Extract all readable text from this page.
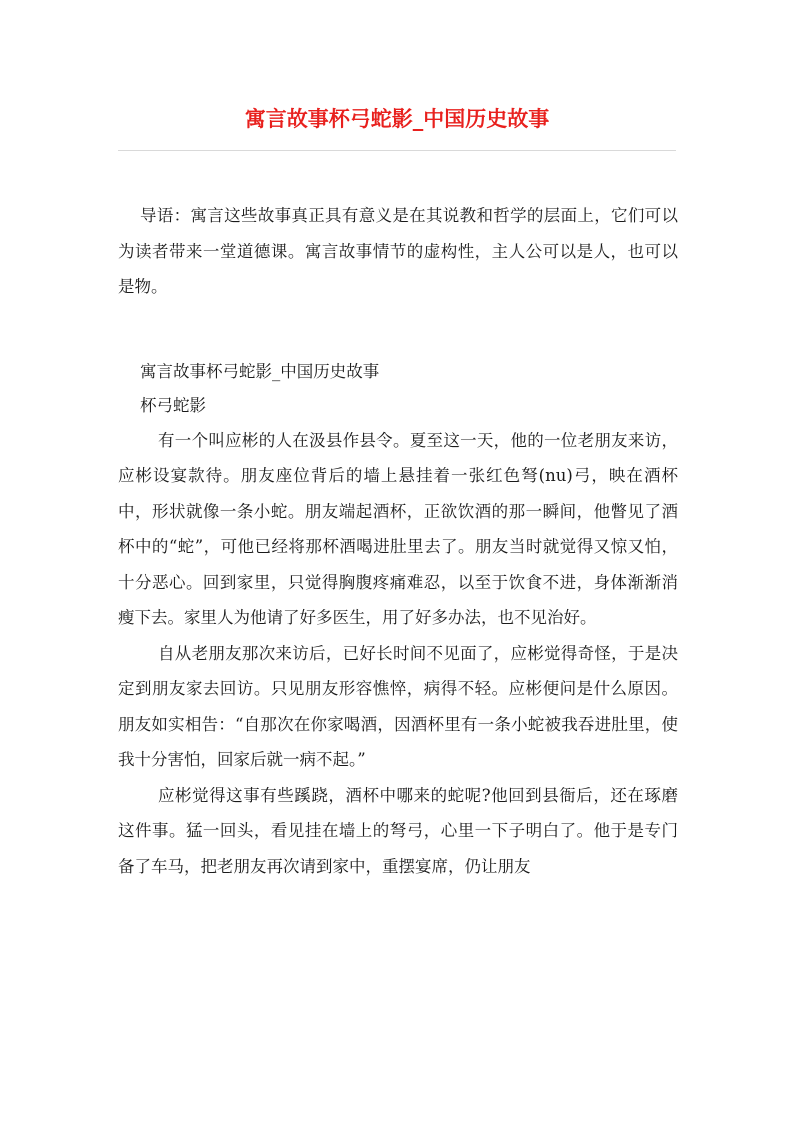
寓言故事杯弓蛇影_中国历史故事

导语：寓言这些故事真正具有意义是在其说教和哲学的层面上，它们可以为读者带来一堂道德课。寓言故事情节的虚构性，主人公可以是人，也可以是物。

寓言故事杯弓蛇影_中国历史故事

杯弓蛇影

有一个叫应彬的人在汲县作县令。夏至这一天，他的一位老朋友来访，应彬设宴款待。朋友座位背后的墙上悬挂着一张红色弩(nu)弓，映在酒杯中，形状就像一条小蛇。朋友端起酒杯，正欲饮酒的那一瞬间，他瞥见了酒杯中的“蛇”，可他已经将那杯酒喝进肚里去了。朋友当时就觉得又惊又怕，十分恶心。回到家里，只觉得胸腹疼痛难忍，以至于饮食不进，身体渐渐消瘦下去。家里人为他请了好多医生，用了好多办法，也不见治好。

自从老朋友那次来访后，已好长时间不见面了，应彬觉得奇怪，于是决定到朋友家去回访。只见朋友形容憔悴，病得不轻。应彬便问是什么原因。朋友如实相告：“自那次在你家喝酒，因酒杯里有一条小蛇被我吞进肚里，使我十分害怕，回家后就一病不起。”

应彬觉得这事有些蹊跷，酒杯中哪来的蛇呢?他回到县衙后，还在琢磨这件事。猛一回头，看见挂在墙上的弩弓，心里一下子明白了。他于是专门备了车马，把老朋友再次请到家中，重摆宴席，仍让朋友
